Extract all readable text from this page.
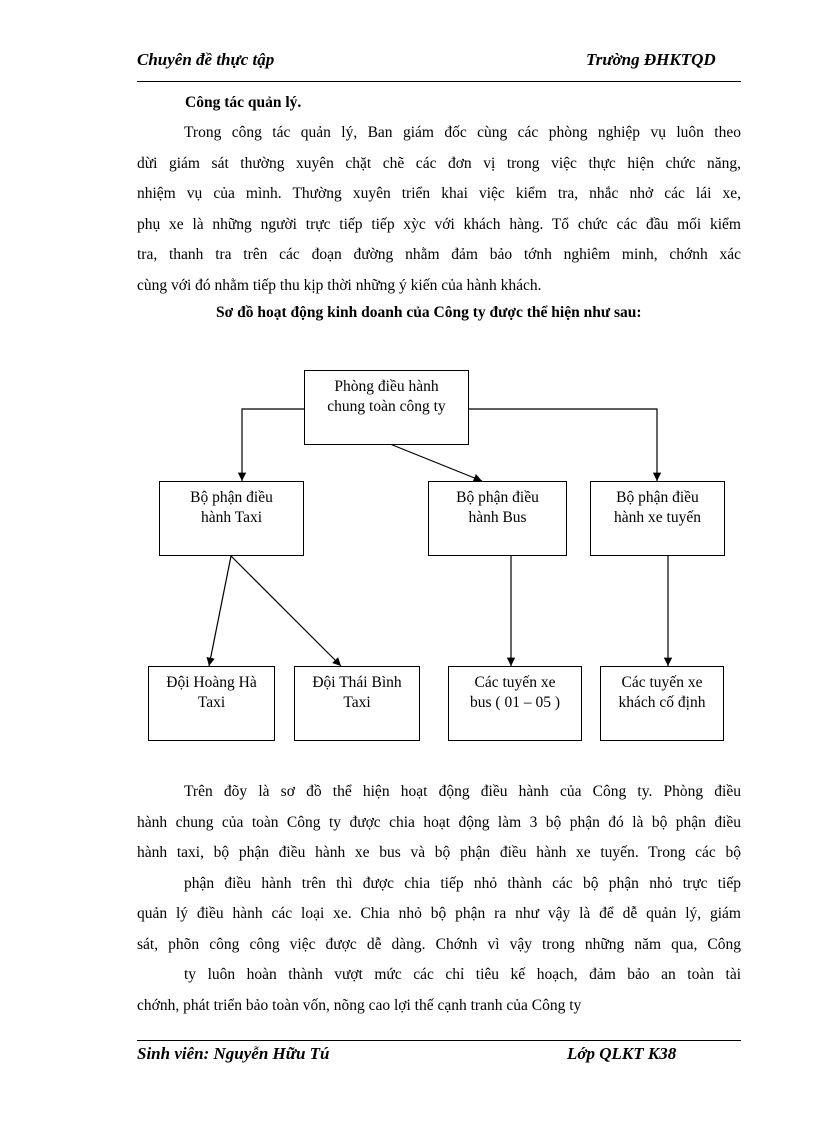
Chuyên đề thực tập	Trường ĐHKTQD
Công tác quản lý.
Trong công tác quản lý, Ban giám đốc cùng các phòng nghiệp vụ luôn theo
dừi giám sát thường xuyên chặt chẽ các đơn vị trong việc thực hiện chức năng,
nhiệm vụ của mình. Thường xuyên triển khai việc kiểm tra, nhắc nhở các lái xe,
phụ xe là những người trực tiếp tiếp xỳc với khách hàng. Tổ chức các đầu mối kiểm
tra, thanh tra trên các đoạn đường nhằm đảm bảo tớnh nghiêm minh, chớnh xác
cùng với đó nhằm tiếp thu kịp thời những ý kiến của hành khách.
Sơ đồ hoạt động kinh doanh của Công ty được thể hiện như sau:
Phòng điều hành
chung toàn công ty
Bộ phận điều
hành Taxi
Bộ phận điều
hành Bus
Bộ phận điều
hành xe tuyến
Đội Hoàng Hà
Taxi
Đội Thái Bình
Taxi
Các tuyến xe
bus ( 01 – 05 )
Các tuyến xe
khách cố định
Trên đõy là sơ đồ thể hiện hoạt động điều hành của Công ty. Phòng điều
hành chung của toàn Công ty được chia hoạt động làm 3 bộ phận đó là bộ phận điều
hành taxi, bộ phận điều hành xe bus và bộ phận điều hành xe tuyến. Trong các bộ
phận điều hành trên thì được chia tiếp nhỏ thành các bộ phận nhỏ trực tiếp
quản lý điều hành các loại xe. Chia nhỏ bộ phận ra như vậy là để dễ quản lý, giám
sát, phõn công công việc được dễ dàng. Chớnh vì vậy trong những năm qua, Công
ty luôn hoàn thành vượt mức các chỉ tiêu kế hoạch, đảm bảo an toàn tài
chớnh, phát triển bảo toàn vốn, nõng cao lợi thế cạnh tranh của Công ty
Sinh viên: Nguyễn Hữu Tú	Lớp QLKT K38
